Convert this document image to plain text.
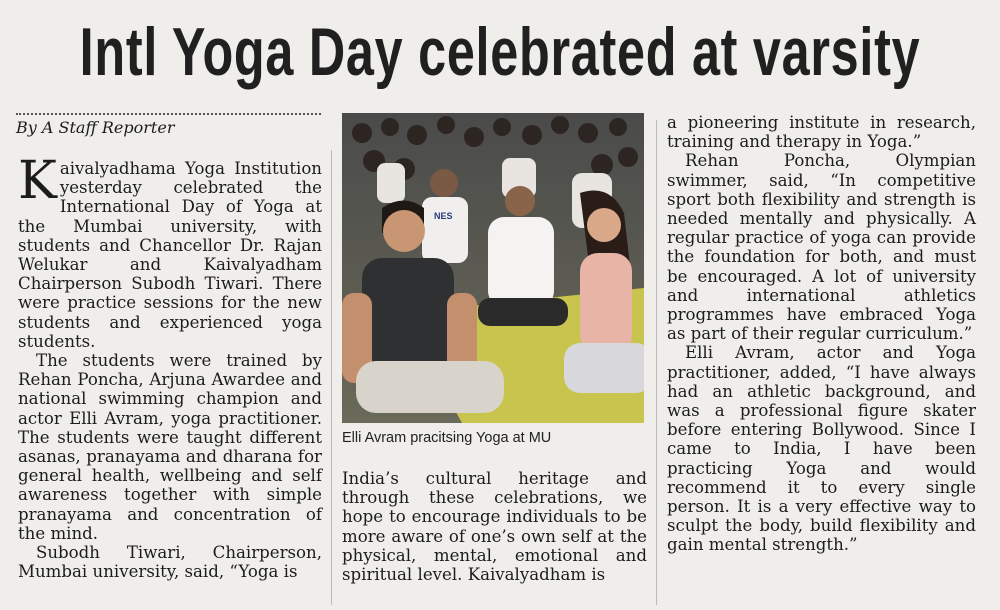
Intl Yoga Day celebrated at varsity
By A Staff Reporter

Kaivalyadhama Yoga Institution yesterday celebrated the International Day of Yoga at the Mumbai university, with students and Chancellor Dr. Rajan Welukar and Kaivalyadham Chairperson Subodh Tiwari. There were practice sessions for the new students and experienced yoga students.

The students were trained by Rehan Poncha, Arjuna Awardee and national swimming champion and actor Elli Avram, yoga practitioner. The students were taught different asanas, pranayama and dharana for general health, wellbeing and self awareness together with simple pranayama and concentration of the mind.

Subodh Tiwari, Chairperson, Mumbai university, said, “Yoga is

NES
Elli Avram pracitsing Yoga at MU

India’s cultural heritage and through these celebrations, we hope to encourage individuals to be more aware of one’s own self at the physical, mental, emotional and spiritual level. Kaivalyadham is

a pioneering institute in research, training and therapy in Yoga.”

Rehan Poncha, Olympian swimmer, said, “In competitive sport both flexibility and strength is needed mentally and physically. A regular practice of yoga can provide the foundation for both, and must be encouraged. A lot of university and international athletics programmes have embraced Yoga as part of their regular curriculum.”

Elli Avram, actor and Yoga practitioner, added, “I have always had an athletic background, and was a professional figure skater before entering Bollywood. Since I came to India, I have been practicing Yoga and would recommend it to every single person. It is a very effective way to sculpt the body, build flexibility and gain mental strength.”
